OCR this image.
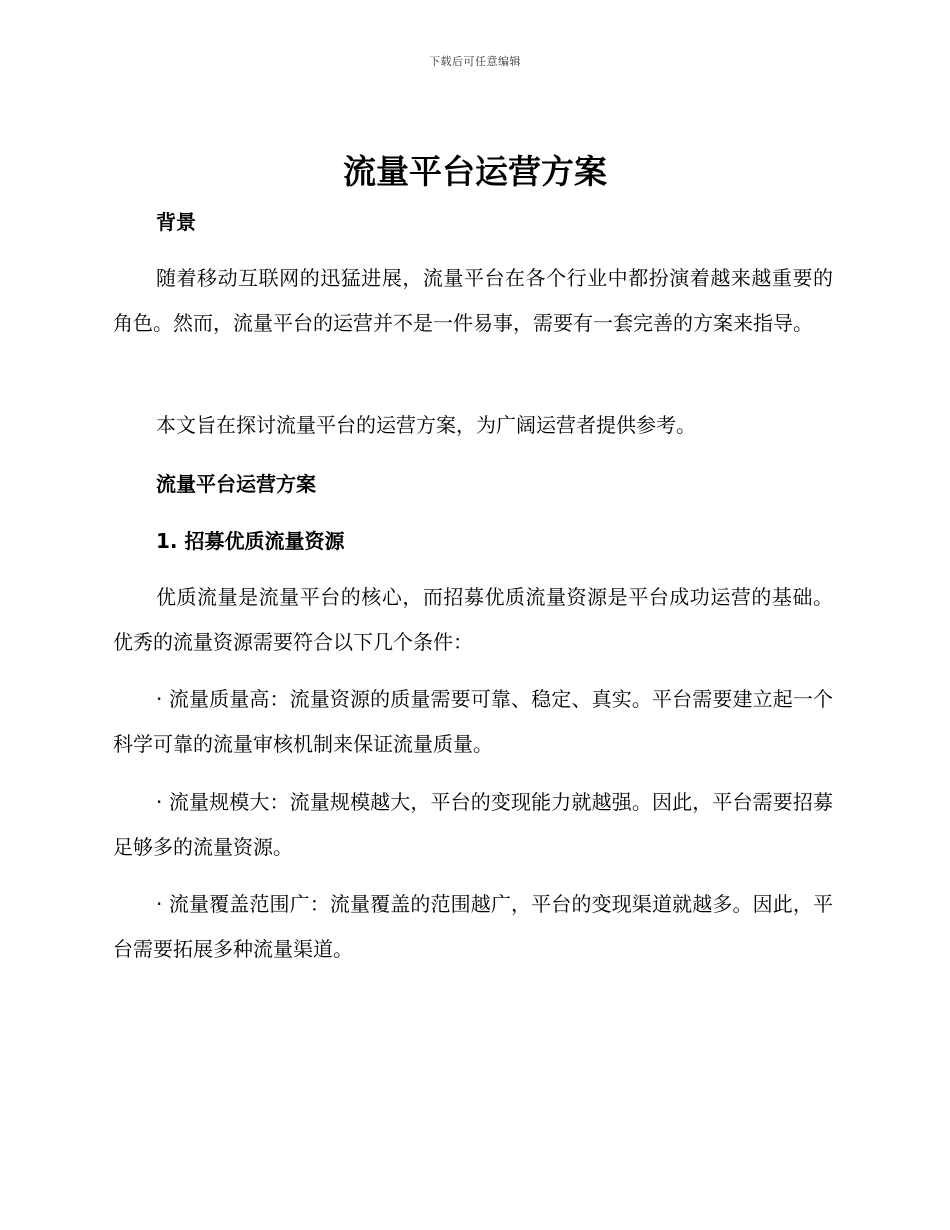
下载后可任意编辑
流量平台运营方案
背景

随着移动互联网的迅猛进展，流量平台在各个行业中都扮演着越来越重要的角色。然而，流量平台的运营并不是一件易事，需要有一套完善的方案来指导。

本文旨在探讨流量平台的运营方案，为广阔运营者提供参考。

流量平台运营方案
1. 招募优质流量资源

优质流量是流量平台的核心，而招募优质流量资源是平台成功运营的基础。优秀的流量资源需要符合以下几个条件：

· 流量质量高：流量资源的质量需要可靠、稳定、真实。平台需要建立起一个科学可靠的流量审核机制来保证流量质量。

· 流量规模大：流量规模越大，平台的变现能力就越强。因此，平台需要招募足够多的流量资源。

· 流量覆盖范围广：流量覆盖的范围越广，平台的变现渠道就越多。因此，平台需要拓展多种流量渠道。
